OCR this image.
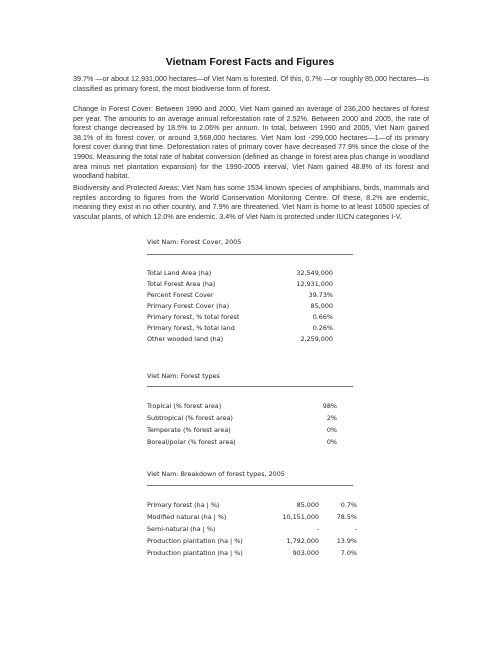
Vietnam Forest Facts and Figures

39.7% —or about 12,931,000 hectares—of Viet Nam is forested. Of this, 0.7% —or roughly 85,000 hectares—is classified as primary forest, the most biodiverse form of forest.

Change in Forest Cover: Between 1990 and 2000, Viet Nam gained an average of 236,200 hectares of forest per year. The amounts to an average annual reforestation rate of 2.52%. Between 2000 and 2005, the rate of forest change decreased by 18.5% to 2.06% per annum. In total, between 1990 and 2005, Viet Nam gained 38.1% of its forest cover, or around 3,568,000 hectares. Viet Nam lost -299,000 hectares—1—of its primary forest cover during that time. Deforestation rates of primary cover have decreased 77.9% since the close of the 1990s. Measuring the total rate of habitat conversion (defined as change in forest area plus change in woodland area minus net plantation expansion) for the 1990-2005 interval, Viet Nam gained 48.8% of its forest and woodland habitat.

Biodiversity and Protected Areas: Viet Nam has some 1534 known species of amphibians, birds, mammals and reptiles according to figures from the World Conservation Monitoring Centre. Of these, 8.2% are endemic, meaning they exist in no other country, and 7.9% are threatened. Viet Nam is home to at least 10500 species of vascular plants, of which 12.0% are endemic. 3.4% of Viet Nam is protected under IUCN categories I-V.

Viet Nam: Forest Cover, 2005
Total Land Area (ha)	32,549,000
Total Forest Area (ha)	12,931,000
Percent Forest Cover	39.73%
Primary Forest Cover (ha)	85,000
Primary forest, % total forest	0.66%
Primary forest, % total land	0.26%
Other wooded land (ha)	2,259,000
Viet Nam: Forest types
Tropical (% forest area)	98%
Subtropical (% forest area)	2%
Temperate (% forest area)	0%
Boreal/polar (% forest area)	0%
Viet Nam: Breakdown of forest types, 2005
Primary forest (ha | %)	85,000	0.7%
Modified natural (ha | %)	10,151,000	78.5%
Semi-natural (ha | %)	-	-
Production plantation (ha | %)	1,792,000	13.9%
Production plantation (ha | %)	903,000	7.0%
